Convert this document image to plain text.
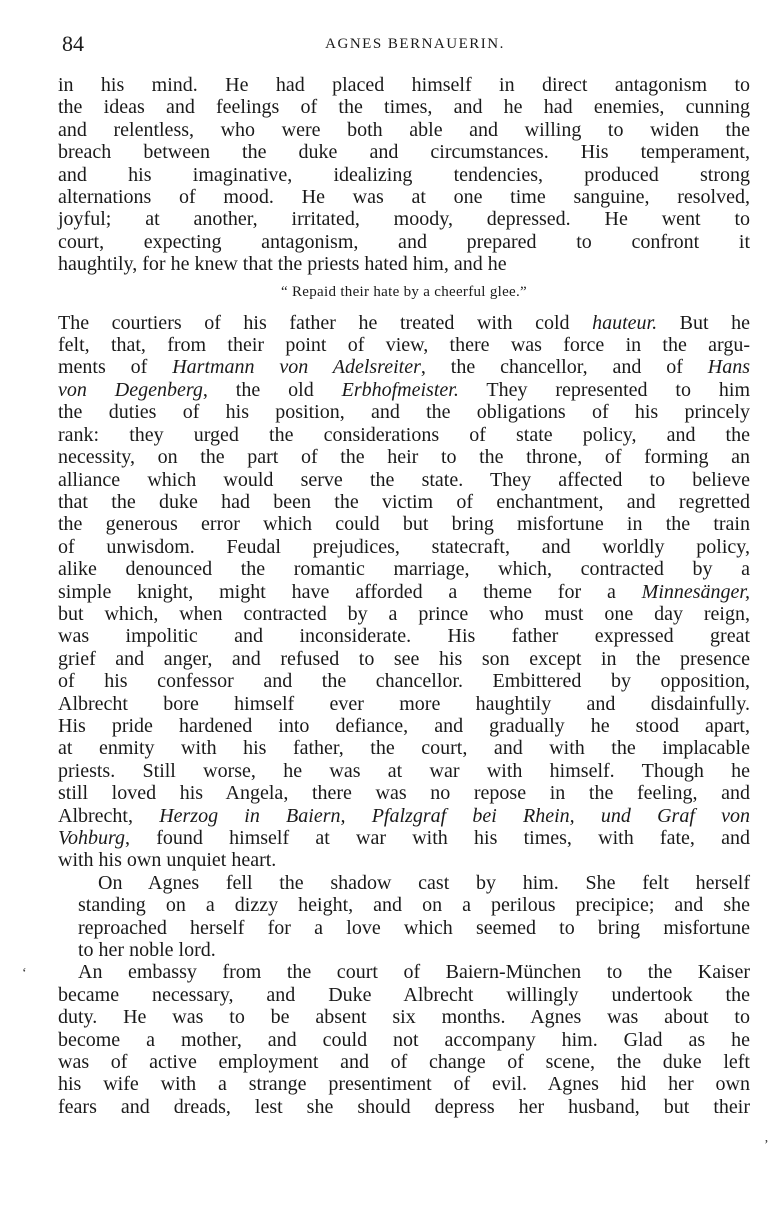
84	AGNES BERNAUERIN.
in his mind. He had placed himself in direct antagonism to
the ideas and feelings of the times, and he had enemies, cunning
and relentless, who were both able and willing to widen the
breach between the duke and circumstances. His temperament,
and his imaginative, idealizing tendencies, produced strong
alternations of mood. He was at one time sanguine, resolved,
joyful; at another, irritated, moody, depressed. He went to
court, expecting antagonism, and prepared to confront it
haughtily, for he knew that the priests hated him, and he
“ Repaid their hate by a cheerful glee.”
The courtiers of his father he treated with cold hauteur. But he
felt, that, from their point of view, there was force in the argu-
ments of Hartmann von Adelsreiter, the chancellor, and of Hans
von Degenberg, the old Erbhofmeister. They represented to him
the duties of his position, and the obligations of his princely
rank: they urged the considerations of state policy, and the
necessity, on the part of the heir to the throne, of forming an
alliance which would serve the state. They affected to believe
that the duke had been the victim of enchantment, and regretted
the generous error which could but bring misfortune in the train
of unwisdom. Feudal prejudices, statecraft, and worldly policy,
alike denounced the romantic marriage, which, contracted by a
simple knight, might have afforded a theme for a Minnesänger,
but which, when contracted by a prince who must one day reign,
was impolitic and inconsiderate. His father expressed great
grief and anger, and refused to see his son except in the presence
of his confessor and the chancellor. Embittered by opposition,
Albrecht bore himself ever more haughtily and disdainfully.
His pride hardened into defiance, and gradually he stood apart,
at enmity with his father, the court, and with the implacable
priests. Still worse, he was at war with himself. Though he
still loved his Angela, there was no repose in the feeling, and
Albrecht, Herzog in Baiern, Pfalzgraf bei Rhein, und Graf von
Vohburg, found himself at war with his times, with fate, and
with his own unquiet heart.
On Agnes fell the shadow cast by him. She felt herself
standing on a dizzy height, and on a perilous precipice; and she
reproached herself for a love which seemed to bring misfortune
to her noble lord.
An embassy from the court of Baiern-München to the Kaiser
became necessary, and Duke Albrecht willingly undertook the
duty. He was to be absent six months. Agnes was about to
become a mother, and could not accompany him. Glad as he
was of active employment and of change of scene, the duke left
his wife with a strange presentiment of evil. Agnes hid her own
fears and dreads, lest she should depress her husband, but their
’
‘
